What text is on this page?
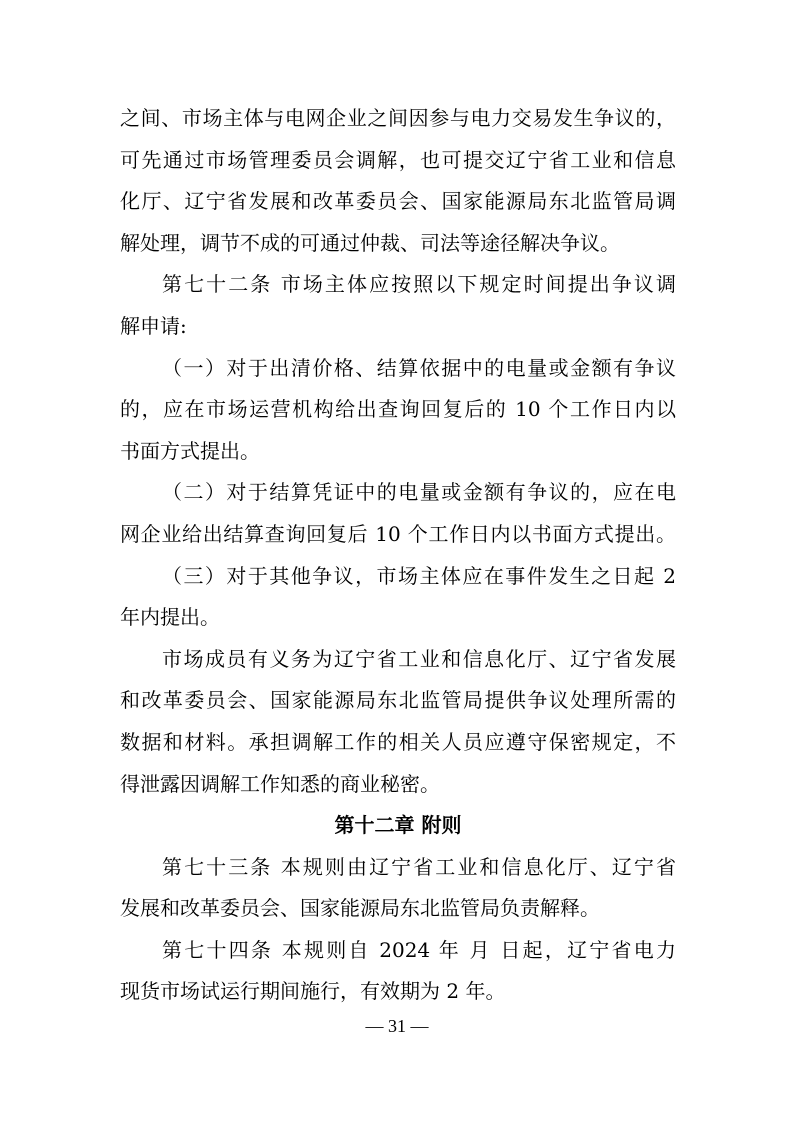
之间、市场主体与电网企业之间因参与电力交易发生争议的，
可先通过市场管理委员会调解，也可提交辽宁省工业和信息
化厅、辽宁省发展和改革委员会、国家能源局东北监管局调
解处理，调节不成的可通过仲裁、司法等途径解决争议。
第七十二条 市场主体应按照以下规定时间提出争议调
解申请:
（一）对于出清价格、结算依据中的电量或金额有争议
的，应在市场运营机构给出查询回复后的 10 个工作日内以
书面方式提出。
（二）对于结算凭证中的电量或金额有争议的，应在电
网企业给出结算查询回复后 10 个工作日内以书面方式提出。
（三）对于其他争议，市场主体应在事件发生之日起 2
年内提出。
市场成员有义务为辽宁省工业和信息化厅、辽宁省发展
和改革委员会、国家能源局东北监管局提供争议处理所需的
数据和材料。承担调解工作的相关人员应遵守保密规定，不
得泄露因调解工作知悉的商业秘密。
第十二章 附则
第七十三条 本规则由辽宁省工业和信息化厅、辽宁省
发展和改革委员会、国家能源局东北监管局负责解释。
第七十四条 本规则自 2024 年 月 日起，辽宁省电力
现货市场试运行期间施行，有效期为 2 年。
— 31 —
